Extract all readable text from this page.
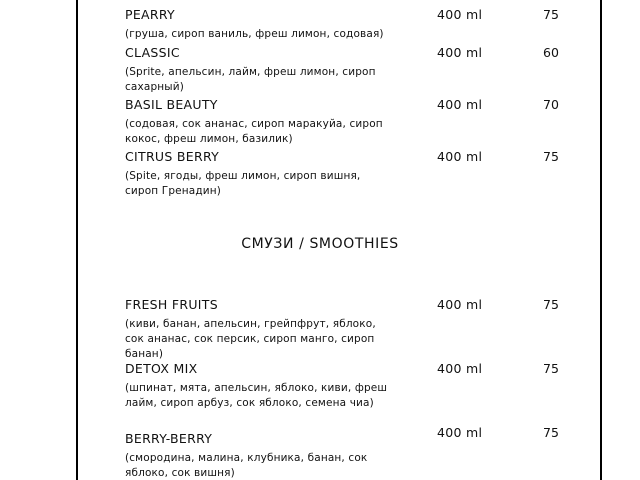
PEARRY
(груша, сироп ваниль, фреш лимон, содовая)
400 ml	75
CLASSIC
(Sprite, апельсин, лайм, фреш лимон, сироп сахарный)
400 ml	60
BASIL BEAUTY
(содовая, сок ананас, сироп маракуйа, сироп кокос, фреш лимон, базилик)
400 ml	70
CITRUS BERRY
(Spite, ягоды, фреш лимон, сироп вишня, сироп Гренадин)
400 ml	75
СМУЗИ / SMOOTHIES
FRESH FRUITS
(киви, банан, апельсин, грейпфрут, яблоко, сок ананас, сок персик, сироп манго, сироп банан)
400 ml	75
DETOX MIX
(шпинат, мята, апельсин, яблоко, киви, фреш лайм, сироп арбуз, сок яблоко, семена чиа)
400 ml	75
BERRY-BERRY
(смородина, малина, клубника, банан, сок яблоко, сок вишня)
400 ml	75
